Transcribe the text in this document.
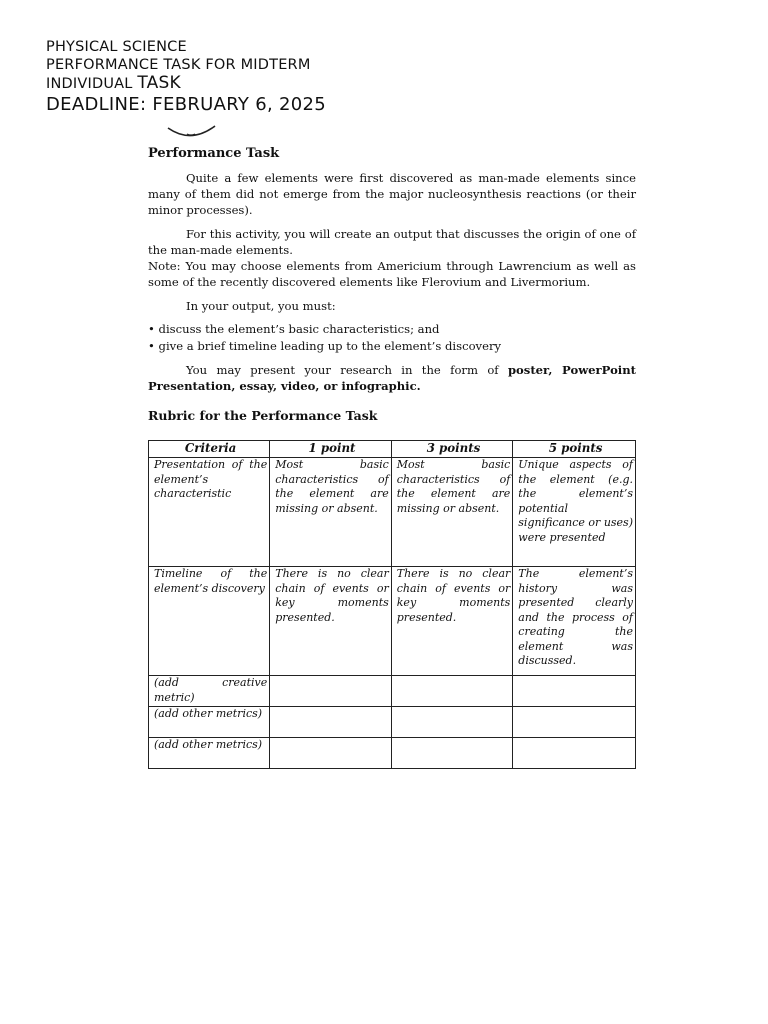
PHYSICAL SCIENCE
PERFORMANCE TASK FOR MIDTERM
INDIVIDUAL TASK
DEADLINE: FEBRUARY 6, 2025

Performance Task

Quite a few elements were first discovered as man-made elements since many of them did not emerge from the major nucleosynthesis reactions (or their minor processes).

For this activity, you will create an output that discusses the origin of one of the man-made elements.

Note: You may choose elements from Americium through Lawrencium as well as some of the recently discovered elements like Flerovium and Livermorium.

In your output, you must:

• discuss the element’s basic characteristics; and
• give a brief timeline leading up to the element’s discovery

You may present your research in the form of poster, PowerPoint Presentation, essay, video, or infographic.

Rubric for the Performance Task

Criteria	1 point	3 points	5 points
Presentation of the element’s characteristic	Most basic characteristics of the element are missing or absent.	Most basic characteristics of the element are missing or absent.	Unique aspects of the element (e.g. the element’s potential significance or uses) were presented
Timeline of the element’s discovery	There is no clear chain of events or key moments presented.	There is no clear chain of events or key moments presented.	The element’s history was presented clearly and the process of creating the element was discussed.
(add creative metric)			
(add other metrics)			
(add other metrics)			
